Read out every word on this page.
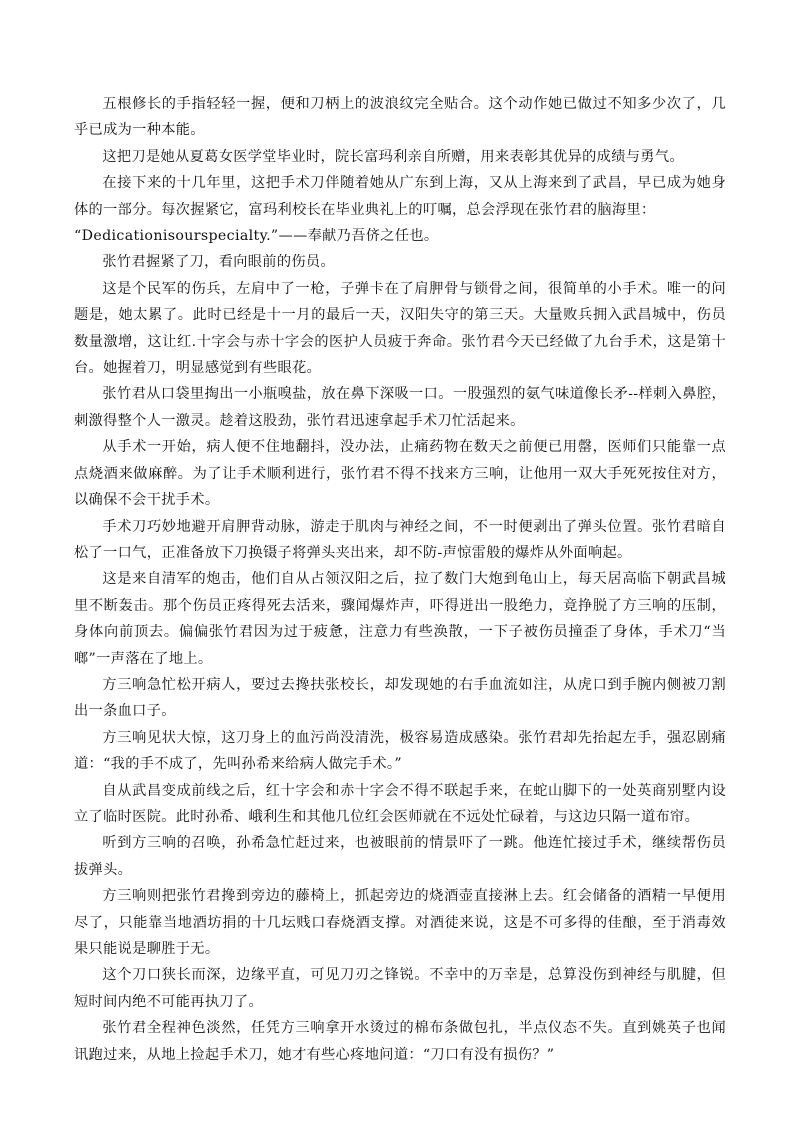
五根修长的手指轻轻一握，便和刀柄上的波浪纹完全贴合。这个动作她已做过不知多少次了，几乎已成为一种本能。

这把刀是她从夏葛女医学堂毕业时，院长富玛利亲自所赠，用来表彰其优异的成绩与勇气。

在接下来的十几年里，这把手术刀伴随着她从广东到上海，又从上海来到了武昌，早已成为她身体的一部分。每次握紧它，富玛利校长在毕业典礼上的叮嘱，总会浮现在张竹君的脑海里：

“Dedicationisourspecialty.”——奉献乃吾侪之任也。

张竹君握紧了刀，看向眼前的伤员。

这是个民军的伤兵，左肩中了一枪，子弹卡在了肩胛骨与锁骨之间，很简单的小手术。唯一的问题是，她太累了。此时已经是十一月的最后一天，汉阳失守的第三天。大量败兵拥入武昌城中，伤员数量激增，这让红.十字会与赤十字会的医护人员疲于奔命。张竹君今天已经做了九台手术，这是第十台。她握着刀，明显感觉到有些眼花。

张竹君从口袋里掏出一小瓶嗅盐，放在鼻下深吸一口。一股强烈的氨气味道像长矛--样刺入鼻腔，刺激得整个人一激灵。趁着这股劲，张竹君迅速拿起手术刀忙活起来。

从手术一开始，病人便不住地翻抖，没办法，止痛药物在数天之前便已用罄，医师们只能靠一点点烧酒来做麻醉。为了让手术顺利进行，张竹君不得不找来方三响，让他用一双大手死死按住对方，以确保不会干扰手术。

手术刀巧妙地避开肩胛背动脉，游走于肌肉与神经之间，不一时便剥出了弹头位置。张竹君暗自松了一口气，正准备放下刀换镊子将弹头夹出来，却不防-声惊雷般的爆炸从外面响起。

这是来自清军的炮击，他们自从占领汉阳之后，拉了数门大炮到龟山上，每天居高临下朝武昌城里不断轰击。那个伤员正疼得死去活来，骤闻爆炸声，吓得迸出一股绝力，竟挣脱了方三响的压制，身体向前顶去。偏偏张竹君因为过于疲惫，注意力有些涣散，一下子被伤员撞歪了身体，手术刀“当啷”一声落在了地上。

方三响急忙松开病人，要过去搀扶张校长，却发现她的右手血流如注，从虎口到手腕内侧被刀割出一条血口子。

方三响见状大惊，这刀身上的血污尚没清洗，极容易造成感染。张竹君却先抬起左手，强忍剧痛道：“我的手不成了，先叫孙希来给病人做完手术。”

自从武昌变成前线之后，红十字会和赤十字会不得不联起手来，在蛇山脚下的一处英商别墅内设立了临时医院。此时孙希、峨利生和其他几位红会医师就在不远处忙碌着，与这边只隔一道布帘。

听到方三响的召唤，孙希急忙赶过来，也被眼前的情景吓了一跳。他连忙接过手术，继续帮伤员拔弹头。

方三响则把张竹君搀到旁边的藤椅上，抓起旁边的烧酒壶直接淋上去。红会储备的酒精一早便用尽了，只能靠当地酒坊捐的十几坛贱口春烧酒支撑。对酒徒来说，这是不可多得的佳酿，至于消毒效果只能说是聊胜于无。

这个刀口狭长而深，边缘平直，可见刀刃之锋锐。不幸中的万幸是，总算没伤到神经与肌腱，但短时间内绝不可能再执刀了。

张竹君全程神色淡然，任凭方三响拿开水烫过的棉布条做包扎，半点仪态不失。直到姚英子也闻讯跑过来，从地上捡起手术刀，她才有些心疼地问道：“刀口有没有损伤？”
